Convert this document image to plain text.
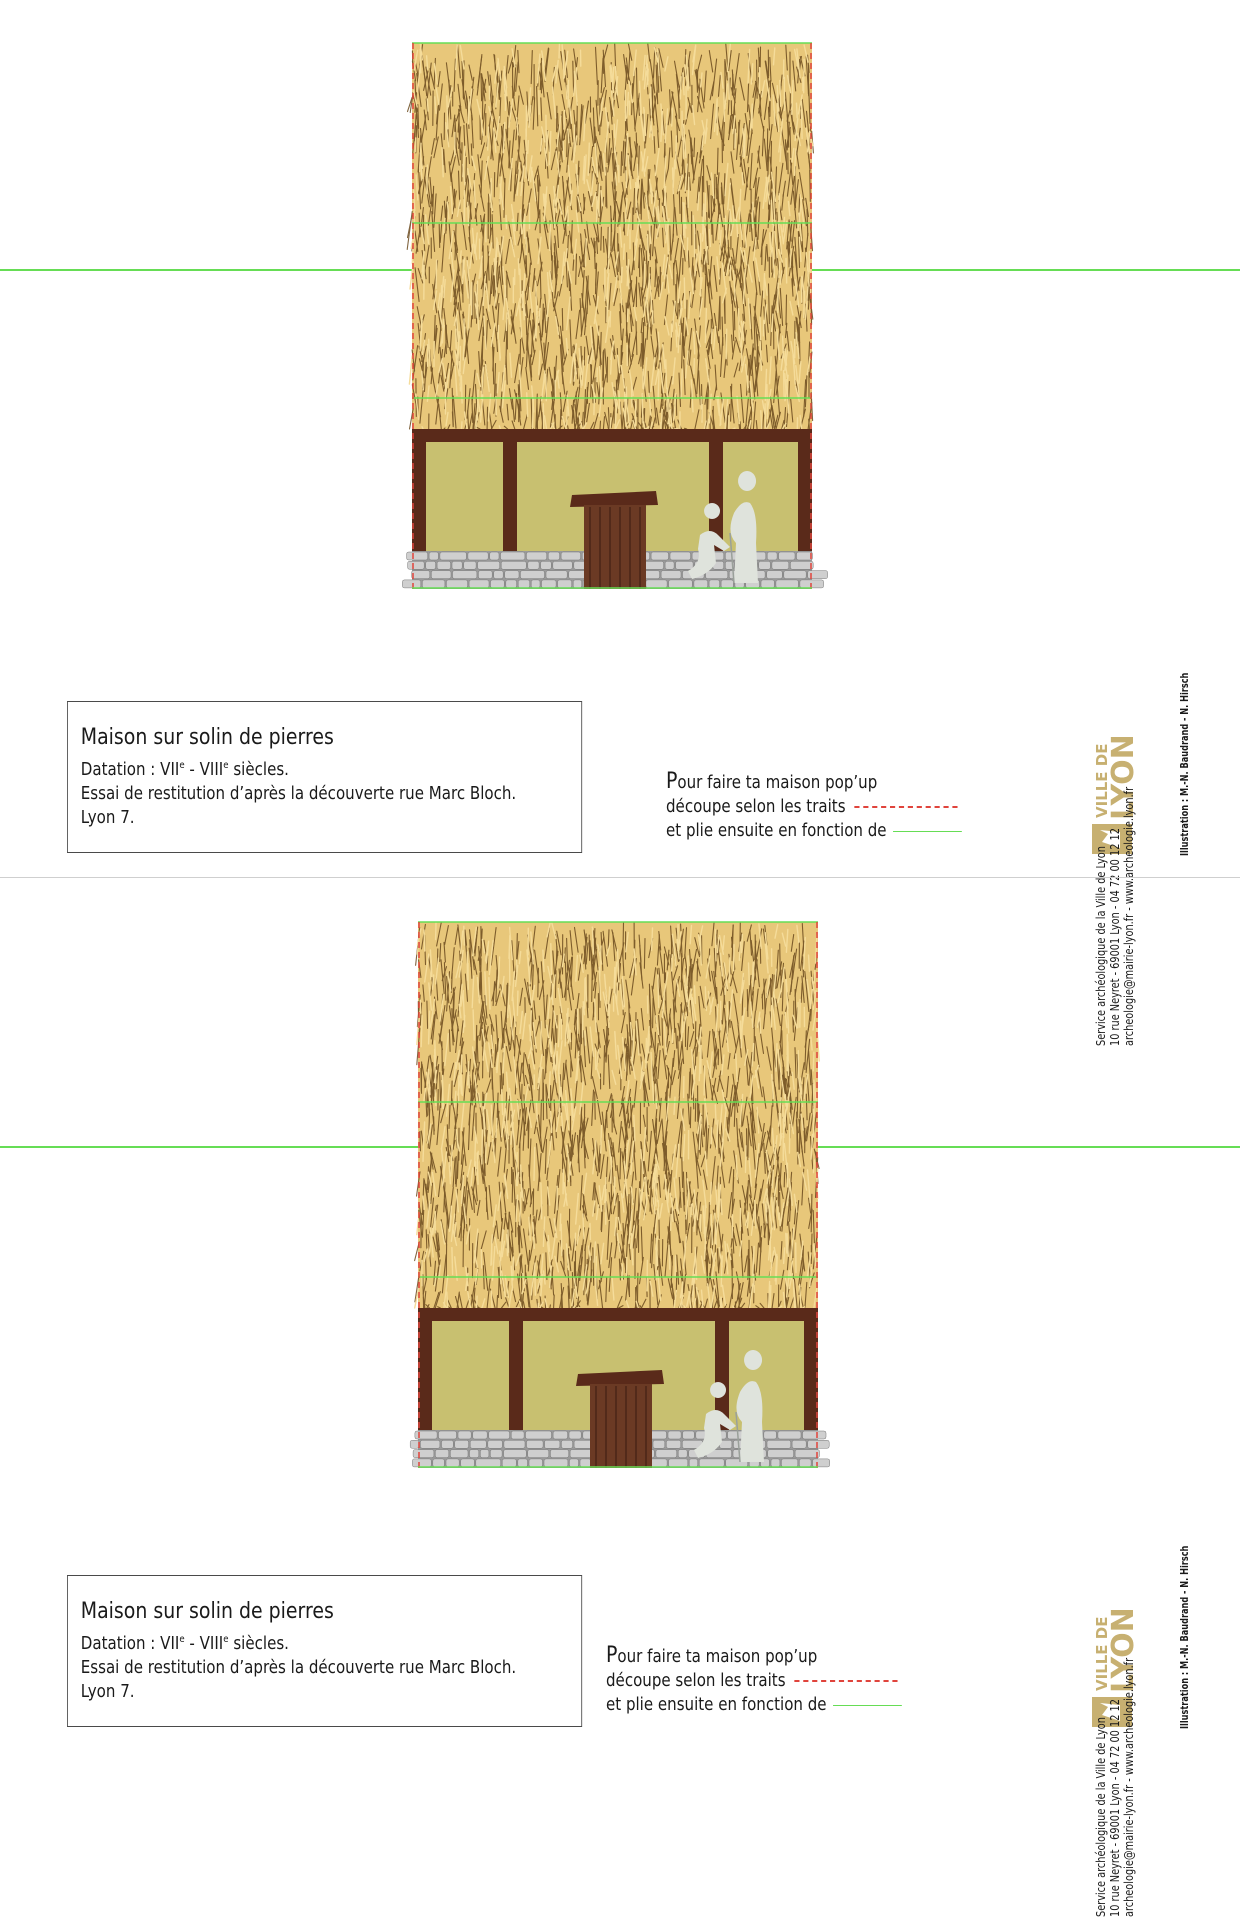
Maison sur solin de pierres
Datation : VIIe - VIIIe siècles.
Essai de restitution d’après la découverte rue Marc Bloch.
Lyon 7.
Pour faire ta maison pop’up
découpe selon les traits
et plie ensuite en fonction de
VILLE DE
LYON
Service archéologique de la Ville de Lyon 10 rue Neyret - 69001 Lyon - 04 72 00 12 12 archeologie@mairie-lyon.fr - www.archeologie.lyon.fr
Illustration : M.-N. Baudrand - N. Hirsch
Maison sur solin de pierres
Datation : VIIe - VIIIe siècles.
Essai de restitution d’après la découverte rue Marc Bloch.
Lyon 7.
Pour faire ta maison pop’up
découpe selon les traits
et plie ensuite en fonction de
VILLE DE
LYON
Service archéologique de la Ville de Lyon 10 rue Neyret - 69001 Lyon - 04 72 00 12 12 archeologie@mairie-lyon.fr - www.archeologie.lyon.fr
Illustration : M.-N. Baudrand - N. Hirsch
